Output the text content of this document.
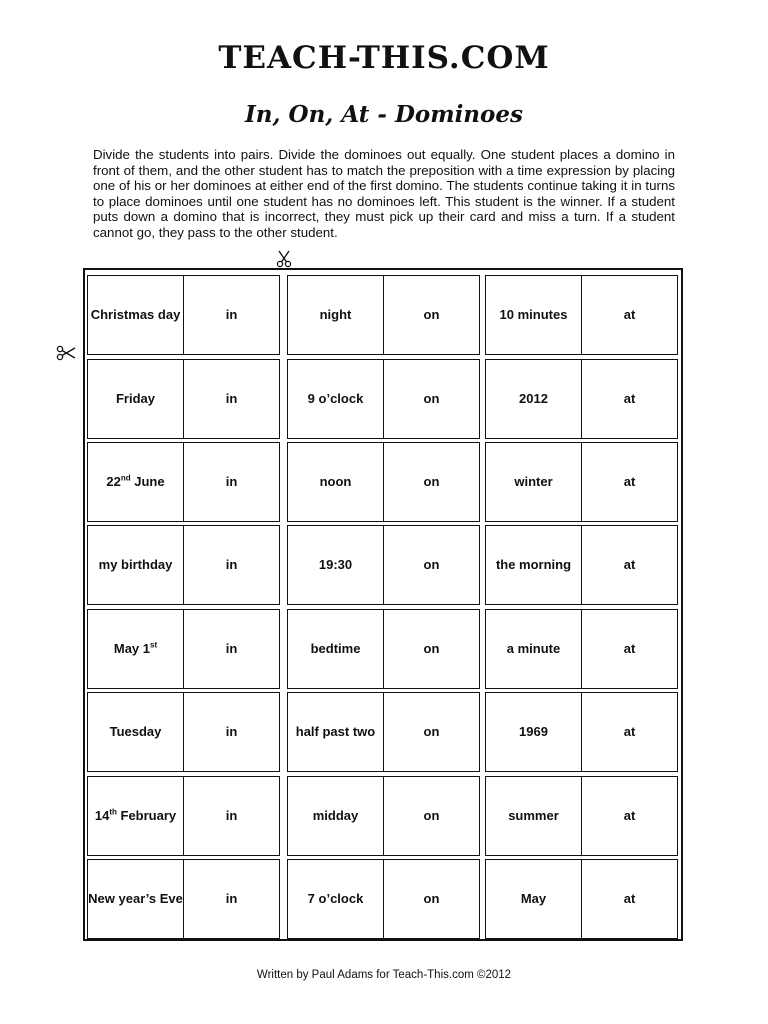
TEACH-THIS.COM
In, On, At - Dominoes
Divide the students into pairs. Divide the dominoes out equally. One student places a domino in front of them, and the other student has to match the preposition with a time expression by placing one of his or her dominoes at either end of the first domino. The students continue taking it in turns to place dominoes until one student has no dominoes left. This student is the winner. If a student puts down a domino that is incorrect, they must pick up their card and miss a turn. If a student cannot go, they pass to the other student.
Christmas day	in	night	on	10 minutes	at
Friday	in	9 o’clock	on	2012	at
22nd June	in	noon	on	winter	at
my birthday	in	19:30	on	the morning	at
May 1st	in	bedtime	on	a minute	at
Tuesday	in	half past two	on	1969	at
14th February	in	midday	on	summer	at
New year’s Eve	in	7 o’clock	on	May	at
Written by Paul Adams for Teach-This.com ©2012
